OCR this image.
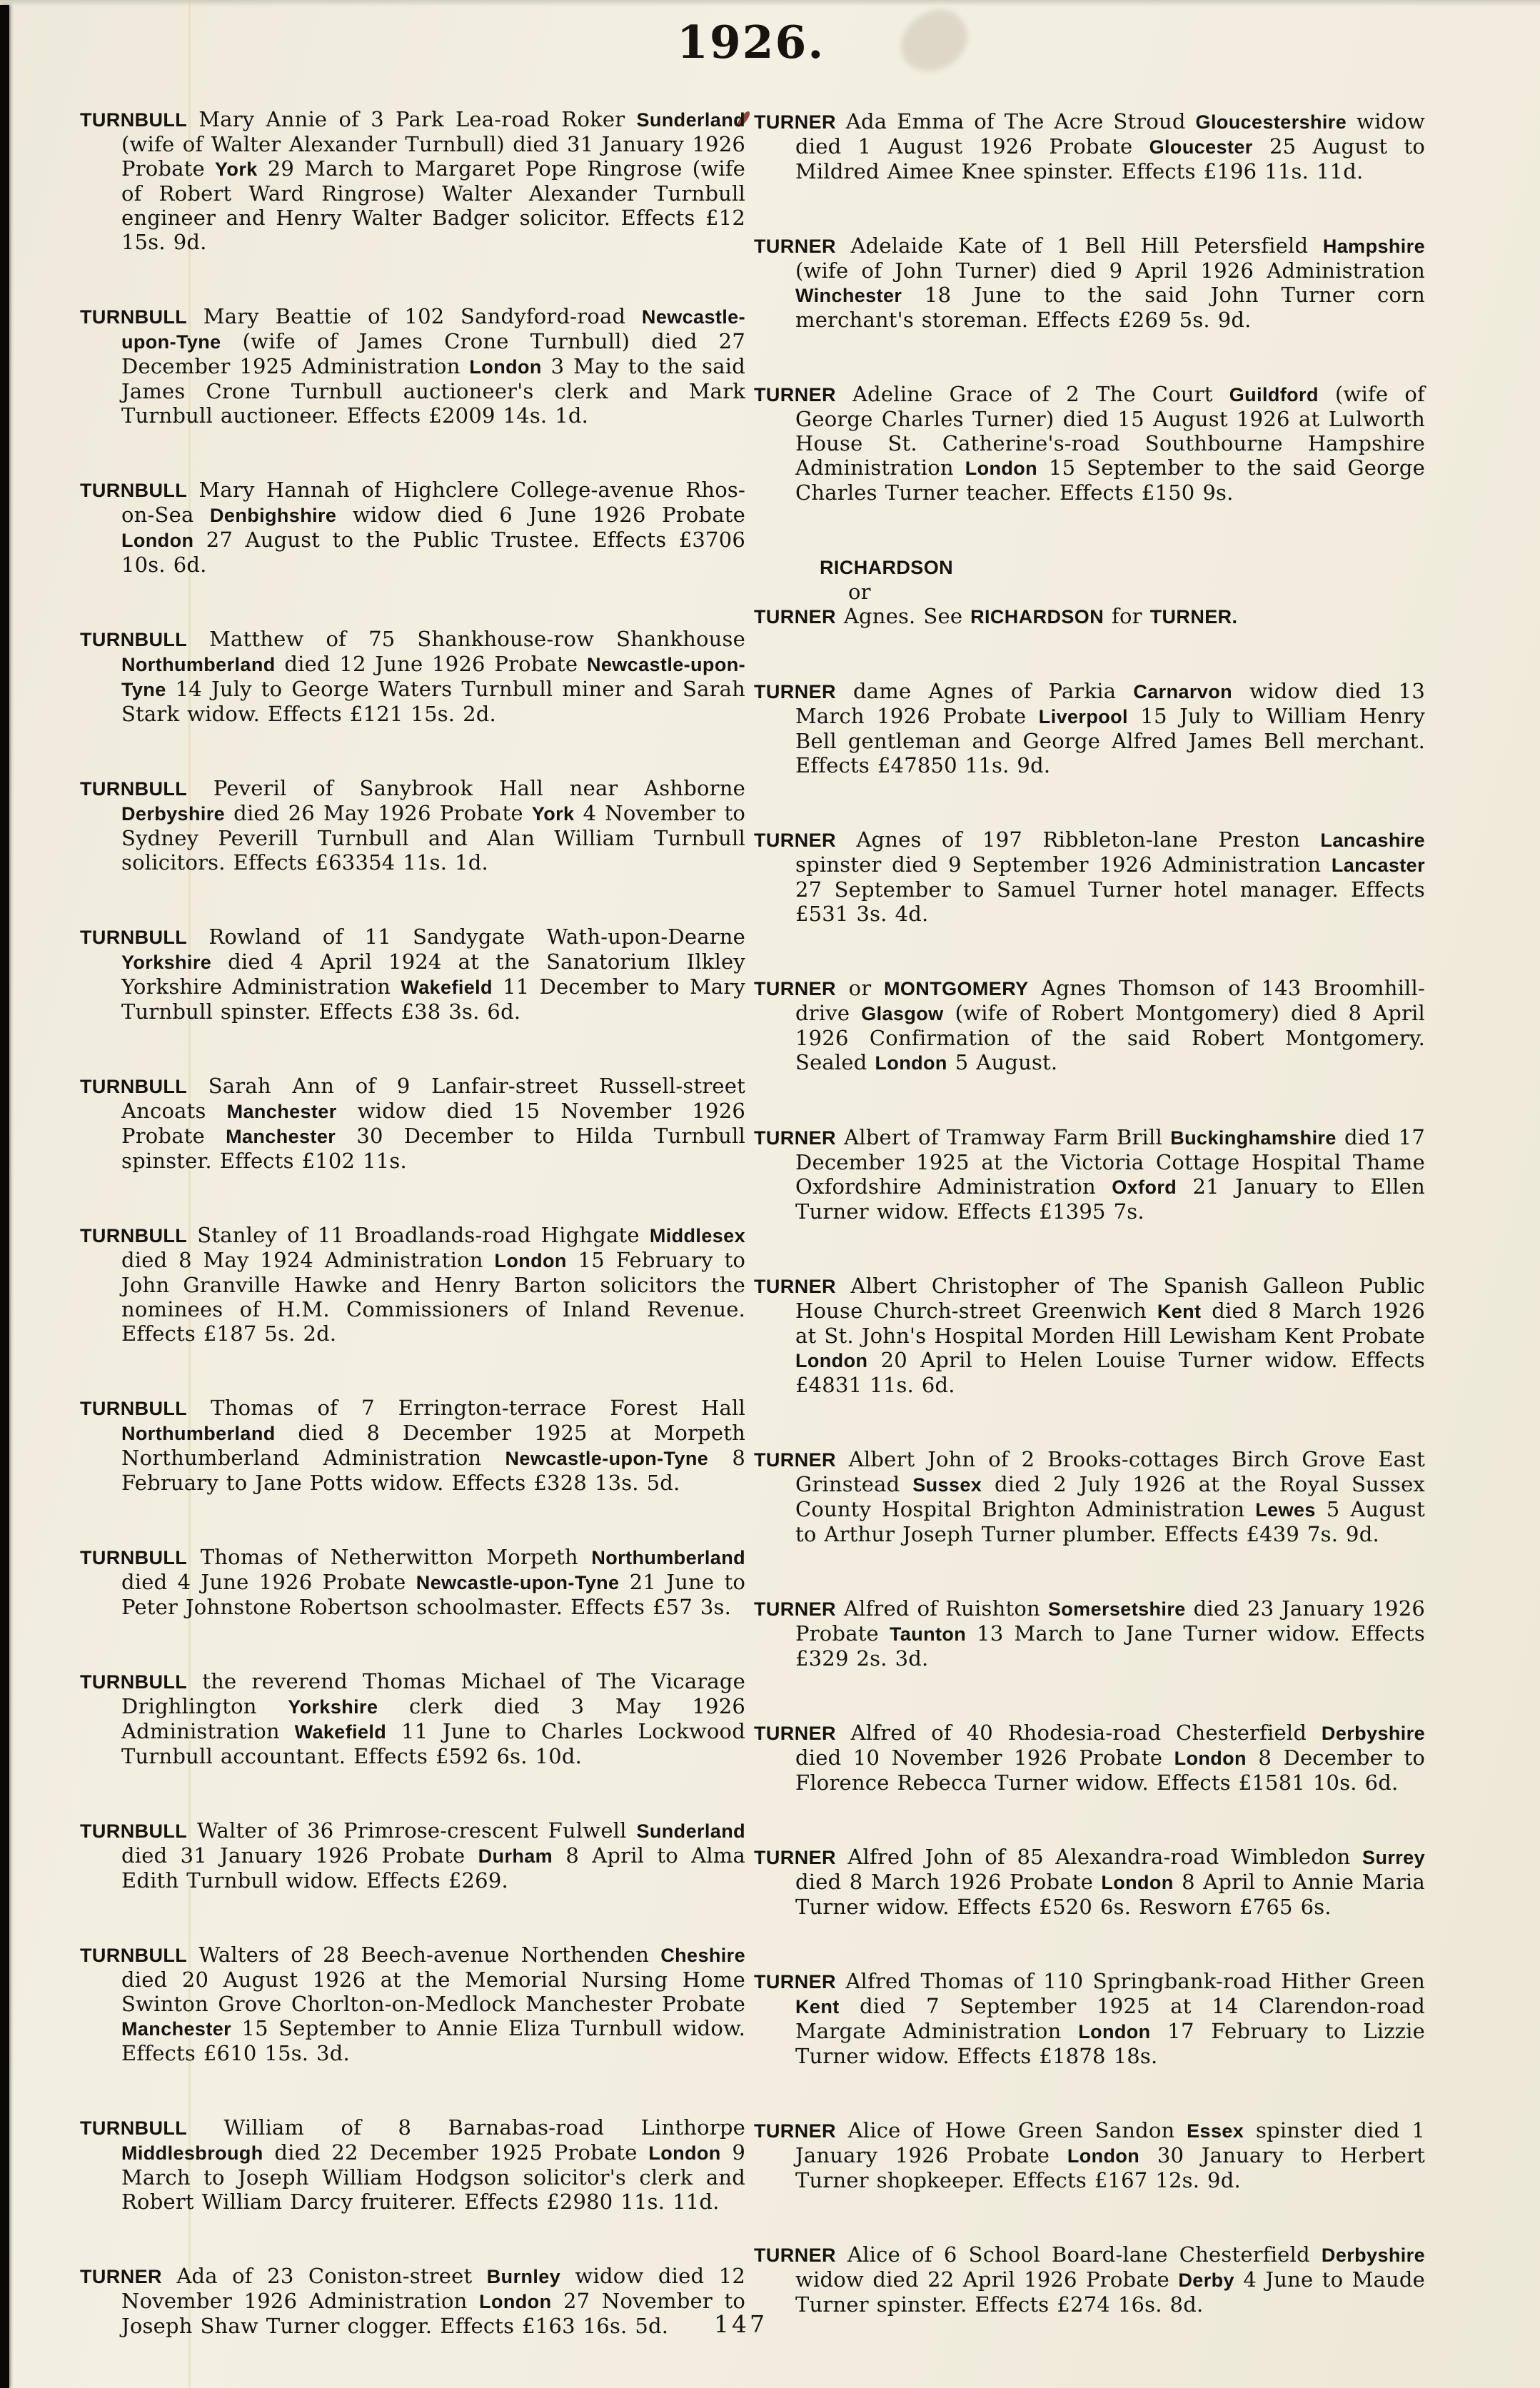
1926.

TURNBULL Mary Annie of 3 Park Lea-road Roker Sunderland (wife of Walter Alexander Turnbull) died 31 January 1926 Probate York 29 March to Margaret Pope Ringrose (wife of Robert Ward Ringrose) Walter Alexander Turnbull engineer and Henry Walter Badger solicitor. Effects £12 15s. 9d.

TURNBULL Mary Beattie of 102 Sandyford-road Newcastle-upon-Tyne (wife of James Crone Turnbull) died 27 December 1925 Administration London 3 May to the said James Crone Turnbull auctioneer's clerk and Mark Turnbull auctioneer. Effects £2009 14s. 1d.

TURNBULL Mary Hannah of Highclere College-avenue Rhos-on-Sea Denbighshire widow died 6 June 1926 Probate London 27 August to the Public Trustee. Effects £3706 10s. 6d.

TURNBULL Matthew of 75 Shankhouse-row Shankhouse Northumberland died 12 June 1926 Probate Newcastle-upon-Tyne 14 July to George Waters Turnbull miner and Sarah Stark widow. Effects £121 15s. 2d.

TURNBULL Peveril of Sanybrook Hall near Ashborne Derbyshire died 26 May 1926 Probate York 4 November to Sydney Peverill Turnbull and Alan William Turnbull solicitors. Effects £63354 11s. 1d.

TURNBULL Rowland of 11 Sandygate Wath-upon-Dearne Yorkshire died 4 April 1924 at the Sanatorium Ilkley Yorkshire Administration Wakefield 11 December to Mary Turnbull spinster. Effects £38 3s. 6d.

TURNBULL Sarah Ann of 9 Lanfair-street Russell-street Ancoats Manchester widow died 15 November 1926 Probate Manchester 30 December to Hilda Turnbull spinster. Effects £102 11s.

TURNBULL Stanley of 11 Broadlands-road Highgate Middlesex died 8 May 1924 Administration London 15 February to John Granville Hawke and Henry Barton solicitors the nominees of H.M. Commissioners of Inland Revenue. Effects £187 5s. 2d.

TURNBULL Thomas of 7 Errington-terrace Forest Hall Northumberland died 8 December 1925 at Morpeth Northumberland Administration Newcastle-upon-Tyne 8 February to Jane Potts widow. Effects £328 13s. 5d.

TURNBULL Thomas of Netherwitton Morpeth Northumberland died 4 June 1926 Probate Newcastle-upon-Tyne 21 June to Peter Johnstone Robertson schoolmaster. Effects £57 3s.

TURNBULL the reverend Thomas Michael of The Vicarage Drighlington Yorkshire clerk died 3 May 1926 Administration Wakefield 11 June to Charles Lockwood Turnbull accountant. Effects £592 6s. 10d.

TURNBULL Walter of 36 Primrose-crescent Fulwell Sunderland died 31 January 1926 Probate Durham 8 April to Alma Edith Turnbull widow. Effects £269.

TURNBULL Walters of 28 Beech-avenue Northenden Cheshire died 20 August 1926 at the Memorial Nursing Home Swinton Grove Chorlton-on-Medlock Manchester Probate Manchester 15 September to Annie Eliza Turnbull widow. Effects £610 15s. 3d.

TURNBULL William of 8 Barnabas-road Linthorpe Middlesbrough died 22 December 1925 Probate London 9 March to Joseph William Hodgson solicitor's clerk and Robert William Darcy fruiterer. Effects £2980 11s. 11d.

TURNER Ada of 23 Coniston-street Burnley widow died 12 November 1926 Administration London 27 November to Joseph Shaw Turner clogger. Effects £163 16s. 5d.

TURNER Ada Emma of The Acre Stroud Gloucestershire widow died 1 August 1926 Probate Gloucester 25 August to Mildred Aimee Knee spinster. Effects £196 11s. 11d.

TURNER Adelaide Kate of 1 Bell Hill Petersfield Hampshire (wife of John Turner) died 9 April 1926 Administration Winchester 18 June to the said John Turner corn merchant's storeman. Effects £269 5s. 9d.

TURNER Adeline Grace of 2 The Court Guildford (wife of George Charles Turner) died 15 August 1926 at Lulworth House St. Catherine's-road Southbourne Hampshire Administration London 15 September to the said George Charles Turner teacher. Effects £150 9s.

RICHARDSON
or
TURNER Agnes. See RICHARDSON for TURNER.

TURNER dame Agnes of Parkia Carnarvon widow died 13 March 1926 Probate Liverpool 15 July to William Henry Bell gentleman and George Alfred James Bell merchant. Effects £47850 11s. 9d.

TURNER Agnes of 197 Ribbleton-lane Preston Lancashire spinster died 9 September 1926 Administration Lancaster 27 September to Samuel Turner hotel manager. Effects £531 3s. 4d.

TURNER or MONTGOMERY Agnes Thomson of 143 Broomhill-drive Glasgow (wife of Robert Montgomery) died 8 April 1926 Confirmation of the said Robert Montgomery. Sealed London 5 August.

TURNER Albert of Tramway Farm Brill Buckinghamshire died 17 December 1925 at the Victoria Cottage Hospital Thame Oxfordshire Administration Oxford 21 January to Ellen Turner widow. Effects £1395 7s.

TURNER Albert Christopher of The Spanish Galleon Public House Church-street Greenwich Kent died 8 March 1926 at St. John's Hospital Morden Hill Lewisham Kent Probate London 20 April to Helen Louise Turner widow. Effects £4831 11s. 6d.

TURNER Albert John of 2 Brooks-cottages Birch Grove East Grinstead Sussex died 2 July 1926 at the Royal Sussex County Hospital Brighton Administration Lewes 5 August to Arthur Joseph Turner plumber. Effects £439 7s. 9d.

TURNER Alfred of Ruishton Somersetshire died 23 January 1926 Probate Taunton 13 March to Jane Turner widow. Effects £329 2s. 3d.

TURNER Alfred of 40 Rhodesia-road Chesterfield Derbyshire died 10 November 1926 Probate London 8 December to Florence Rebecca Turner widow. Effects £1581 10s. 6d.

TURNER Alfred John of 85 Alexandra-road Wimbledon Surrey died 8 March 1926 Probate London 8 April to Annie Maria Turner widow. Effects £520 6s. Resworn £765 6s.

TURNER Alfred Thomas of 110 Springbank-road Hither Green Kent died 7 September 1925 at 14 Clarendon-road Margate Administration London 17 February to Lizzie Turner widow. Effects £1878 18s.

TURNER Alice of Howe Green Sandon Essex spinster died 1 January 1926 Probate London 30 January to Herbert Turner shopkeeper. Effects £167 12s. 9d.

TURNER Alice of 6 School Board-lane Chesterfield Derbyshire widow died 22 April 1926 Probate Derby 4 June to Maude Turner spinster. Effects £274 16s. 8d.

147
